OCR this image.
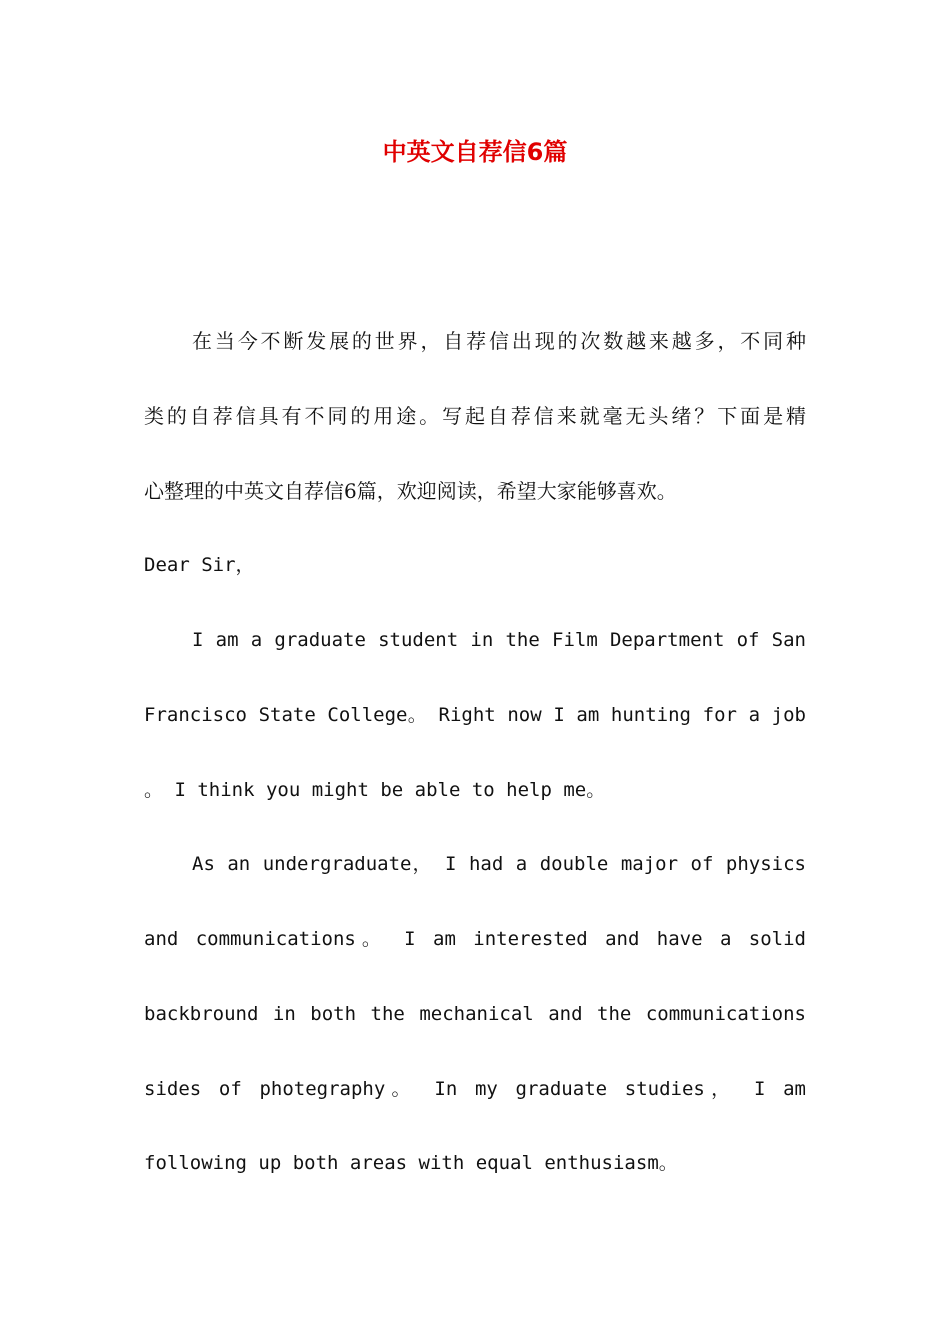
中英文自荐信6篇
在当今不断发展的世界，自荐信出现的次数越来越多，不同种
类的自荐信具有不同的用途。写起自荐信来就毫无头绪？下面是精
心整理的中英文自荐信6篇，欢迎阅读，希望大家能够喜欢。
Dear Sir，
I am a graduate student in the Film Department of San
Francisco State College。 Right now I am hunting for a job
。 I think you might be able to help me。
As an undergraduate， I had a double major of physics
and communications。 I am interested and have a solid
backbround in both the mechanical and the communications
sides of photegraphy。 In my graduate studies， I am
following up both areas with equal enthusiasm。
